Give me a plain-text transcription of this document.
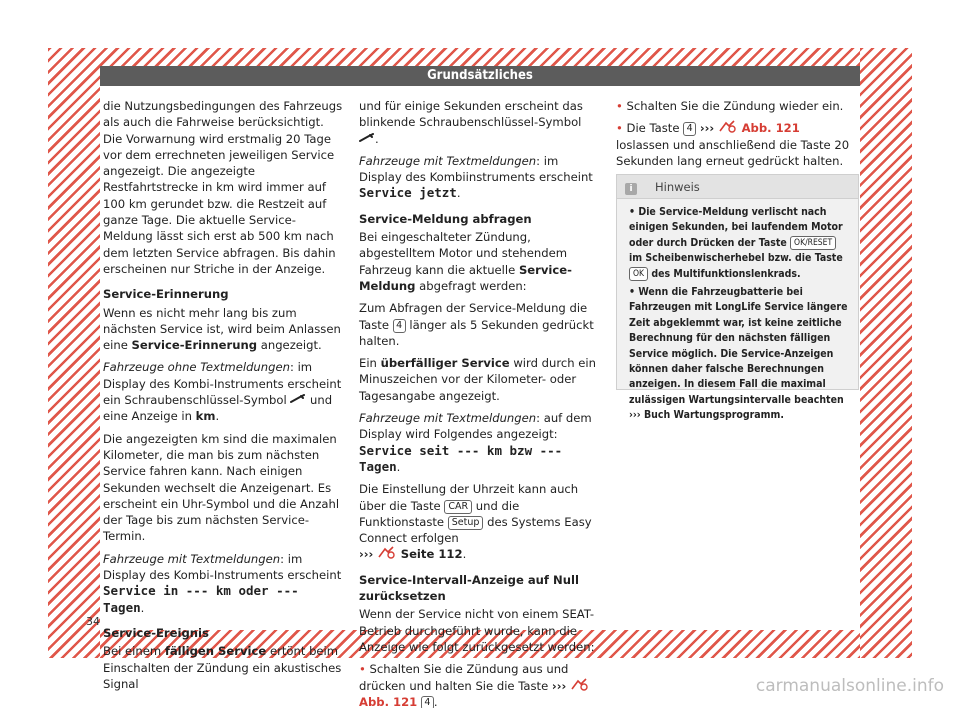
Grundsätzliches

die Nutzungsbedingungen des Fahrzeugs als auch die Fahrweise berücksichtigt. Die Vorwarnung wird erstmalig 20 Tage vor dem errechneten jeweiligen Service angezeigt. Die angezeigte Restfahrtstrecke in km wird immer auf 100 km gerundet bzw. die Restzeit auf ganze Tage. Die aktuelle Service-Meldung lässt sich erst ab 500 km nach dem letzten Service abfragen. Bis dahin erscheinen nur Striche in der Anzeige.

Service-Erinnerung

Wenn es nicht mehr lang bis zum nächsten Service ist, wird beim Anlassen eine Service-Erinnerung angezeigt.

Fahrzeuge ohne Textmeldungen: im Display des Kombi-Instruments erscheint ein Schraubenschlüssel-Symbol  und eine Anzeige in km.

Die angezeigten km sind die maximalen Kilometer, die man bis zum nächsten Service fahren kann. Nach einigen Sekunden wechselt die Anzeigenart. Es erscheint ein Uhr-Symbol und die Anzahl der Tage bis zum nächsten Service-Termin.

Fahrzeuge mit Textmeldungen: im Display des Kombi-Instruments erscheint Service in --- km oder --- Tagen.

Service-Ereignis

Bei einem fälligen Service ertönt beim Einschalten der Zündung ein akustisches Signal

und für einige Sekunden erscheint das blinkende Schraubenschlüssel-Symbol .

Fahrzeuge mit Textmeldungen: im Display des Kombiinstruments erscheint Service jetzt.

Service-Meldung abfragen

Bei eingeschalteter Zündung, abgestelltem Motor und stehendem Fahrzeug kann die aktuelle Service-Meldung abgefragt werden:

Zum Abfragen der Service-Meldung die Taste 4 länger als 5 Sekunden gedrückt halten.

Ein überfälliger Service wird durch ein Minuszeichen vor der Kilometer- oder Tagesangabe angezeigt.

Fahrzeuge mit Textmeldungen: auf dem Display wird Folgendes angezeigt: Service seit --- km bzw --- Tagen.

Die Einstellung der Uhrzeit kann auch über die Taste CAR und die Funktionstaste Setup des Systems Easy Connect erfolgen
››› Seite 112.

Service-Intervall-Anzeige auf Null zurücksetzen

Wenn der Service nicht von einem SEAT-Betrieb durchgeführt wurde, kann die Anzeige wie folgt zurückgesetzt werden:

• Schalten Sie die Zündung aus und drücken und halten Sie die Taste ›››  Abb. 121 4 .

• Schalten Sie die Zündung wieder ein.

• Die Taste 4 ››› Abb. 121 loslassen und anschließend die Taste 20 Sekunden lang erneut gedrückt halten.

i Hinweis

• Die Service-Meldung verlischt nach einigen Sekunden, bei laufendem Motor oder durch Drücken der Taste OK/RESET im Scheibenwischerhebel bzw. die Taste OK des Multifunktionslenkrads.

• Wenn die Fahrzeugbatterie bei Fahrzeugen mit LongLife Service längere Zeit abgeklemmt war, ist keine zeitliche Berechnung für den nächsten fälligen Service möglich. Die Service-Anzeigen können daher falsche Berechnungen anzeigen. In diesem Fall die maximal zulässigen Wartungsintervalle beachten
››› Buch Wartungsprogramm.

34
carmanualsonline.info
